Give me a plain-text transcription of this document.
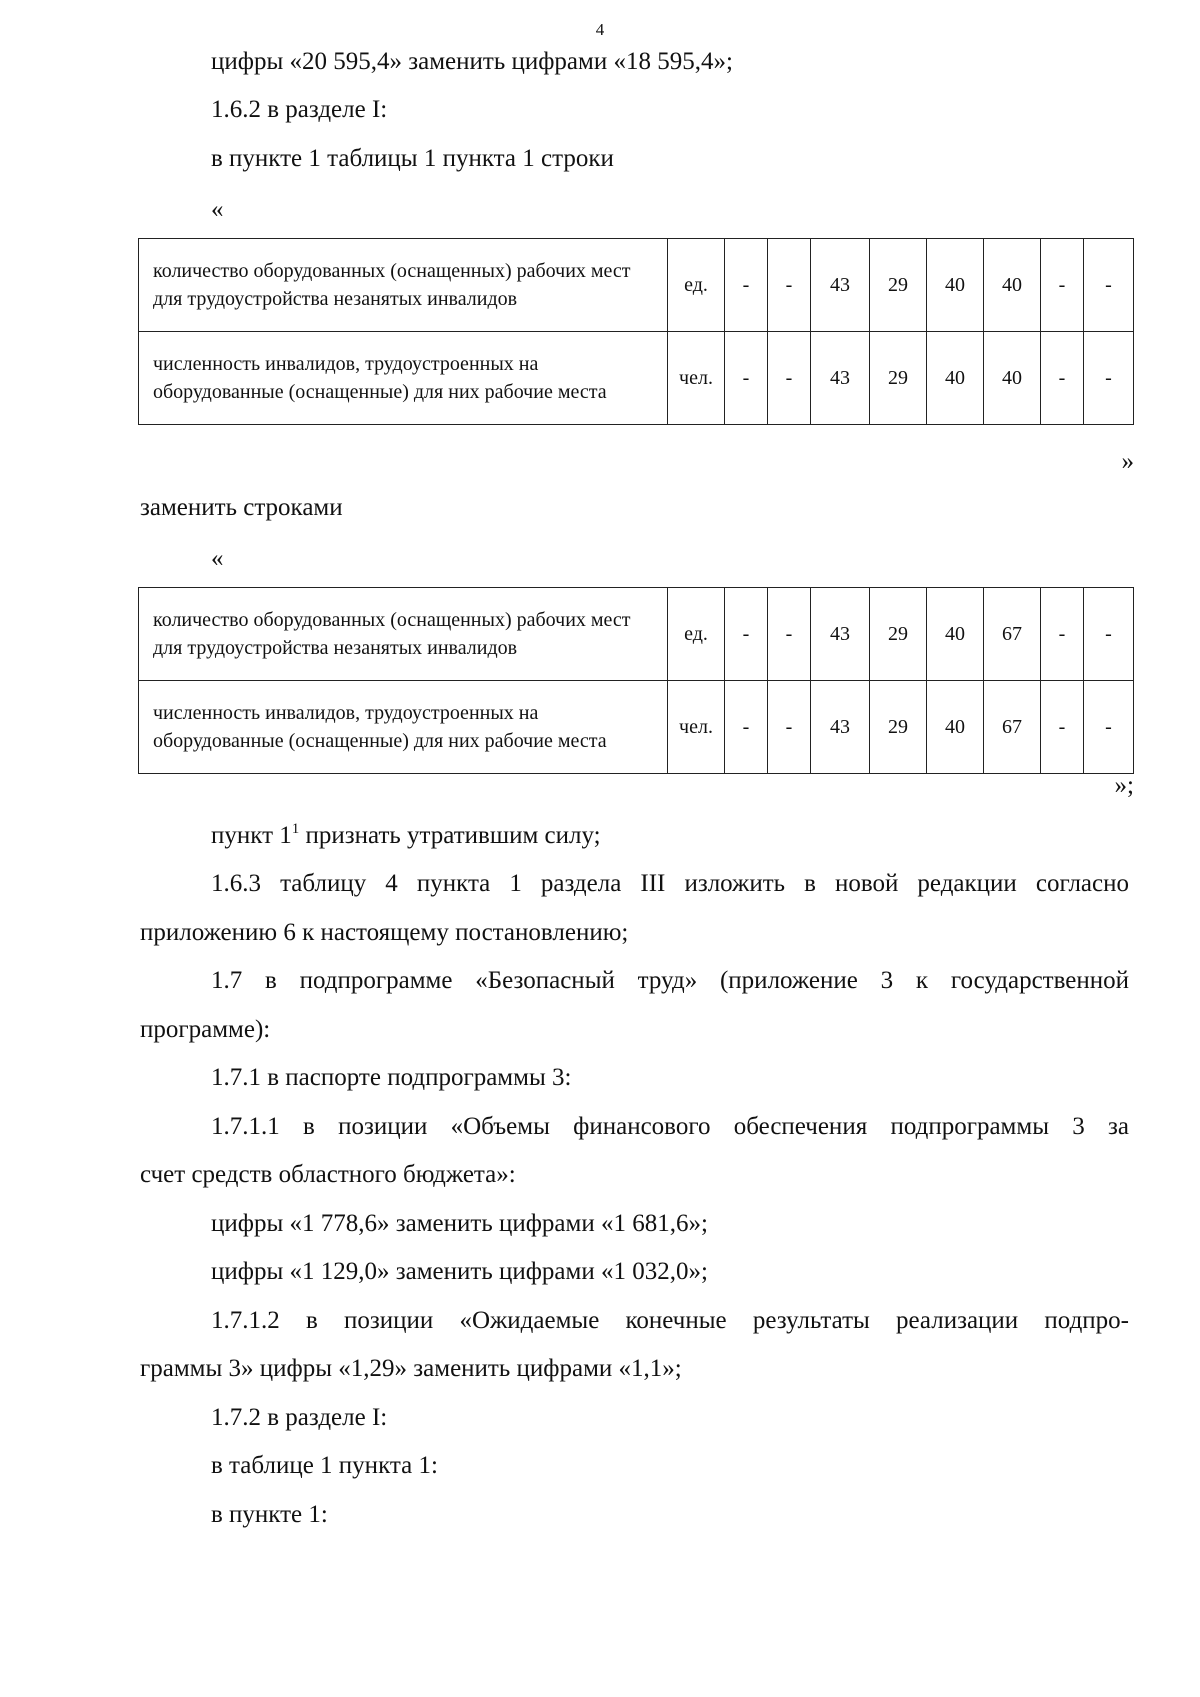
4
цифры «20 595,4» заменить цифрами «18 595,4»;
1.6.2 в разделе I:
в пункте 1 таблицы 1 пункта 1 строки
«
количество оборудованных (оснащенных) рабочих мест для трудоустройства незанятых инвалидов	ед.	-	-	43	29	40	40	-	-
численность инвалидов, трудоустроенных на оборудованные (оснащенные) для них рабочие места	чел.	-	-	43	29	40	40	-	-
»
заменить строками
«
количество оборудованных (оснащенных) рабочих мест для трудоустройства незанятых инвалидов	ед.	-	-	43	29	40	67	-	-
численность инвалидов, трудоустроенных на оборудованные (оснащенные) для них рабочие места	чел.	-	-	43	29	40	67	-	-
»;
пункт $1^1$ признать утратившим силу;
1.6.3 таблицу 4 пункта 1 раздела III изложить в новой редакции согласно
приложению 6 к настоящему постановлению;
1.7 в подпрограмме «Безопасный труд» (приложение 3 к государственной
программе):
1.7.1 в паспорте подпрограммы 3:
1.7.1.1 в позиции «Объемы финансового обеспечения подпрограммы 3 за
счет средств областного бюджета»:
цифры «1 778,6» заменить цифрами «1 681,6»;
цифры «1 129,0» заменить цифрами «1 032,0»;
1.7.1.2 в позиции «Ожидаемые конечные результаты реализации подпро-
граммы 3» цифры «1,29» заменить цифрами «1,1»;
1.7.2 в разделе I:
в таблице 1 пункта 1:
в пункте 1:
